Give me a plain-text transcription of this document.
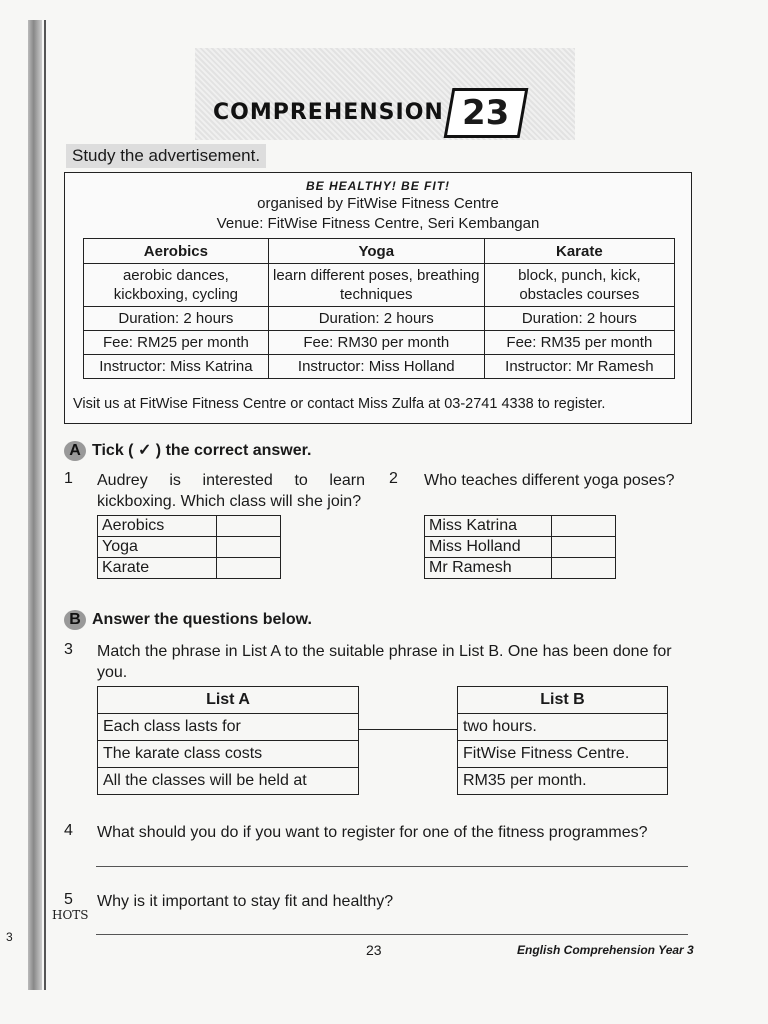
3
COMPREHENSION 23
Study the advertisement.
BE HEALTHY! BE FIT!
organised by FitWise Fitness Centre
Venue: FitWise Fitness Centre, Seri Kembangan
Aerobics	Yoga	Karate
aerobic dances, kickboxing, cycling	learn different poses, breathing techniques	block, punch, kick, obstacles courses
Duration: 2 hours	Duration: 2 hours	Duration: 2 hours
Fee: RM25 per month	Fee: RM30 per month	Fee: RM35 per month
Instructor: Miss Katrina	Instructor: Miss Holland	Instructor: Mr Ramesh
Visit us at FitWise Fitness Centre or contact Miss Zulfa at 03-2741 4338 to register.
A Tick ( ✓ ) the correct answer.
1 Audrey is interested to learn kickboxing. Which class will she join?
Aerobics	
Yoga	
Karate	
2 Who teaches different yoga poses?
Miss Katrina	
Miss Holland	
Mr Ramesh	
B Answer the questions below.
3 Match the phrase in List A to the suitable phrase in List B. One has been done for you.
List A
Each class lasts for
The karate class costs
All the classes will be held at
List B
two hours.
FitWise Fitness Centre.
RM35 per month.
4 What should you do if you want to register for one of the fitness programmes?
5
HOTS
Why is it important to stay fit and healthy?
23	English Comprehension Year 3
